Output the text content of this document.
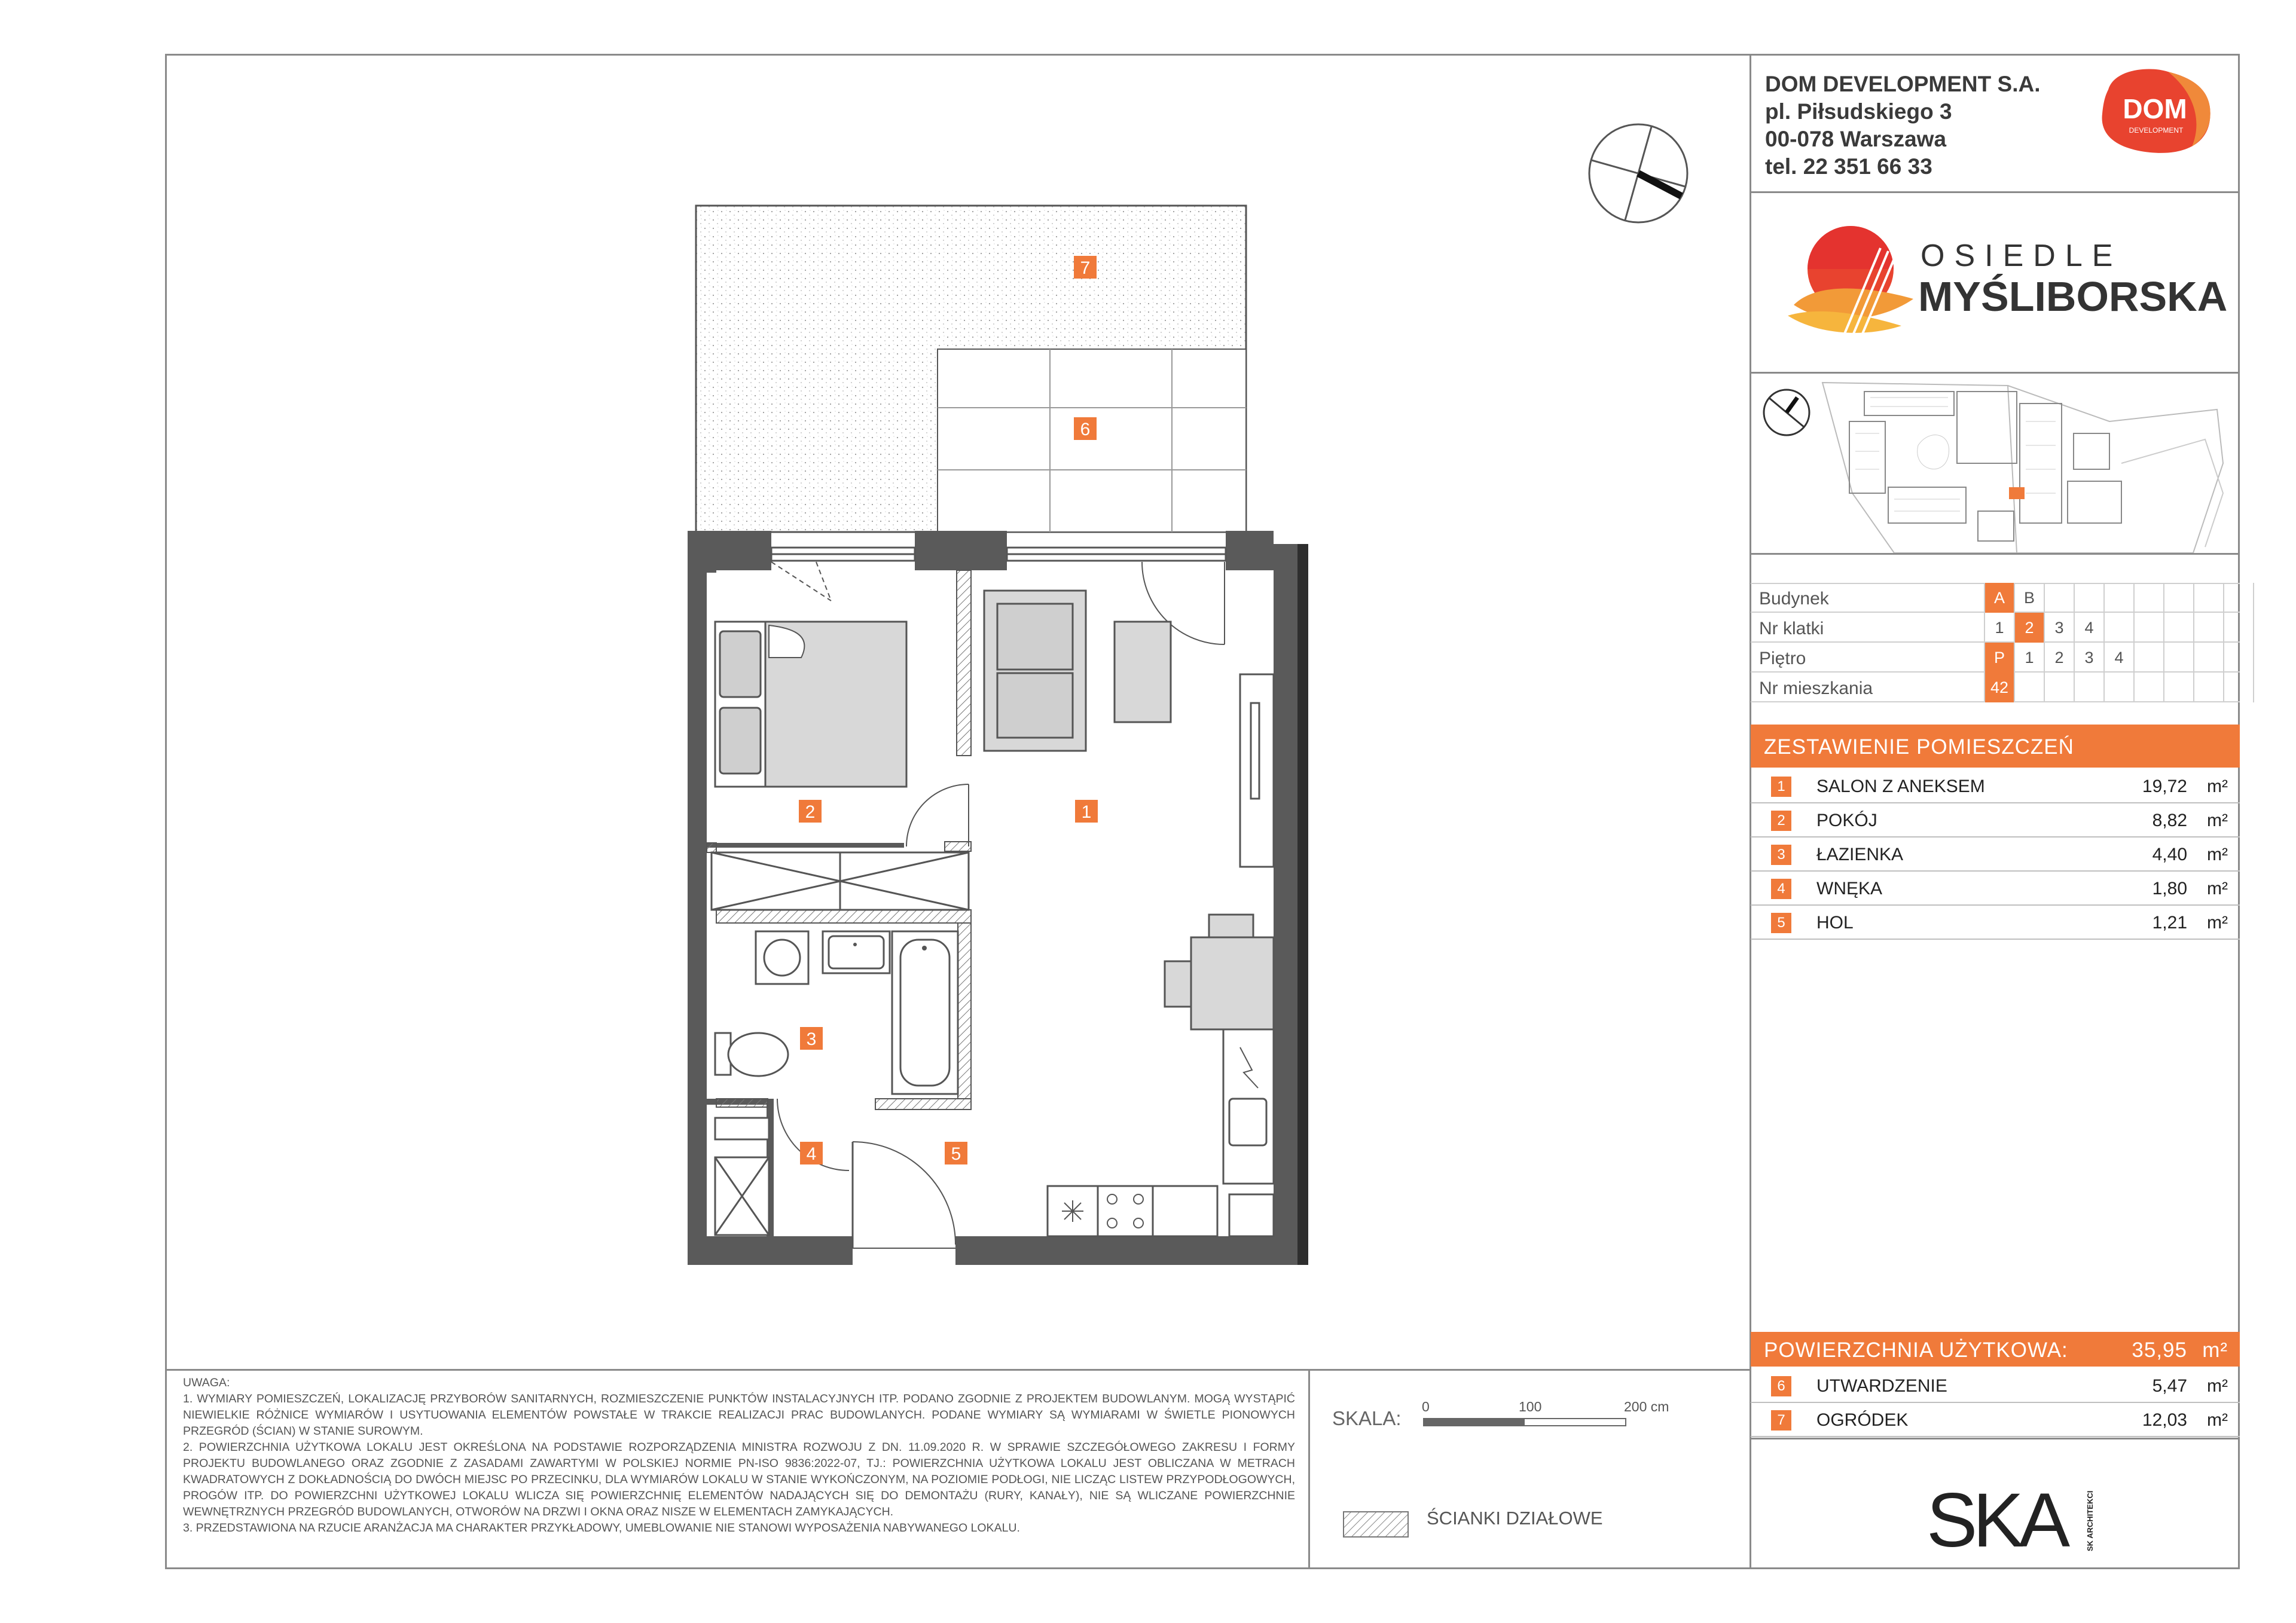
DOM DEVELOPMENT S.A.
pl. Piłsudskiego 3
00-078 Warszawa
tel. 22 351 66 33
DOM
DEVELOPMENT
OSIEDLE
MYŚLIBORSKA
Budynek	A	B
Nr klatki	1	2	3	4
Piętro	P	1	2	3	4
Nr mieszkania	42
ZESTAWIENIE POMIESZCZEŃ
1	SALON Z ANEKSEM	19,72 m²
2	POKÓJ	8,82 m²
3	ŁAZIENKA	4,40 m²
4	WNĘKA	1,80 m²
5	HOL	1,21 m²
POWIERZCHNIA UŻYTKOWA:	35,95 m²
6	UTWARDZENIE	5,47 m²
7	OGRÓDEK	12,03 m²
1
2
3
4	5
6
7

UWAGA:

1. WYMIARY POMIESZCZEŃ, LOKALIZACJĘ PRZYBORÓW SANITARNYCH, ROZMIESZCZENIE PUNKTÓW INSTALACYJNYCH ITP. PODANO ZGODNIE Z PROJEKTEM BUDOWLANYM. MOGĄ WYSTĄPIĆ NIEWIELKIE RÓŻNICE WYMIARÓW I USYTUOWANIA ELEMENTÓW POWSTAŁE W TRAKCIE REALIZACJI PRAC BUDOWLANYCH. PODANE WYMIARY SĄ WYMIARAMI W ŚWIETLE PIONOWYCH PRZEGRÓD (ŚCIAN) W STANIE SUROWYM.

2. POWIERZCHNIA UŻYTKOWA LOKALU JEST OKREŚLONA NA PODSTAWIE ROZPORZĄDZENIA MINISTRA ROZWOJU Z DN. 11.09.2020 R. W SPRAWIE SZCZEGÓŁOWEGO ZAKRESU I FORMY PROJEKTU BUDOWLANEGO ORAZ ZGODNIE Z ZASADAMI ZAWARTYMI W POLSKIEJ NORMIE PN-ISO 9836:2022-07, TJ.: POWIERZCHNIA UŻYTKOWA LOKALU JEST OBLICZANA W METRACH KWADRATOWYCH Z DOKŁADNOŚCIĄ DO DWÓCH MIEJSC PO PRZECINKU, DLA WYMIARÓW LOKALU W STANIE WYKOŃCZONYM, NA POZIOMIE PODŁOGI, NIE LICZĄC LISTEW PRZYPODŁOGOWYCH, PROGÓW ITP. DO POWIERZCHNI UŻYTKOWEJ LOKALU WLICZA SIĘ POWIERZCHNIĘ ELEMENTÓW NADAJĄCYCH SIĘ DO DEMONTAŻU (RURY, KANAŁY), NIE SĄ WLICZANE POWIERZCHNIE WEWNĘTRZNYCH PRZEGRÓD BUDOWLANYCH, OTWORÓW NA DRZWI I OKNA ORAZ NISZE W ELEMENTACH ZAMYKAJĄCYCH.

3. PRZEDSTAWIONA NA RZUCIE ARANŻACJA MA CHARAKTER PRZYKŁADOWY, UMEBLOWANIE NIE STANOWI WYPOSAŻENIA NABYWANEGO LOKALU.

SKALA:
0	100	200 cm
ŚCIANKI DZIAŁOWE	SKA	SK ARCHITEKCI
